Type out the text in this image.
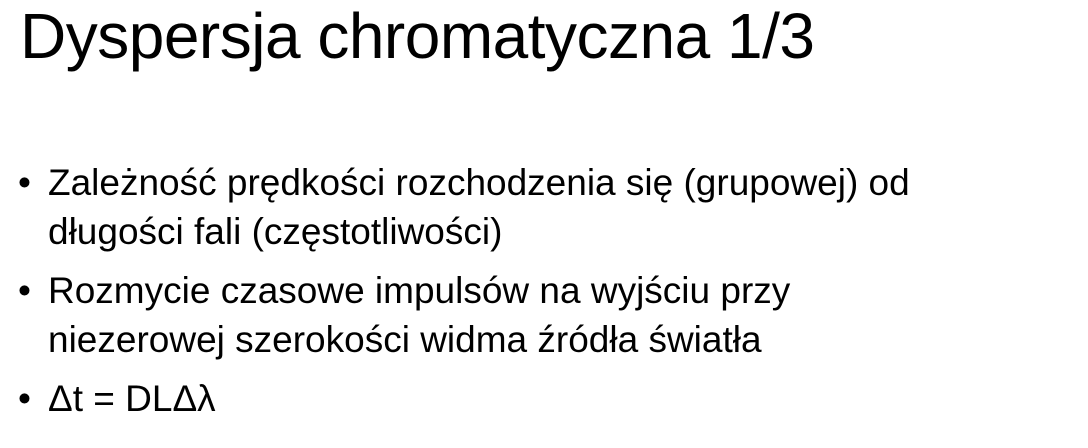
Dyspersja chromatyczna 1/3
• Zależność prędkości rozchodzenia się (grupowej) od
długości fali (częstotliwości)
• Rozmycie czasowe impulsów na wyjściu przy
niezerowej szerokości widma źródła światła
• Δt = DLΔλ
